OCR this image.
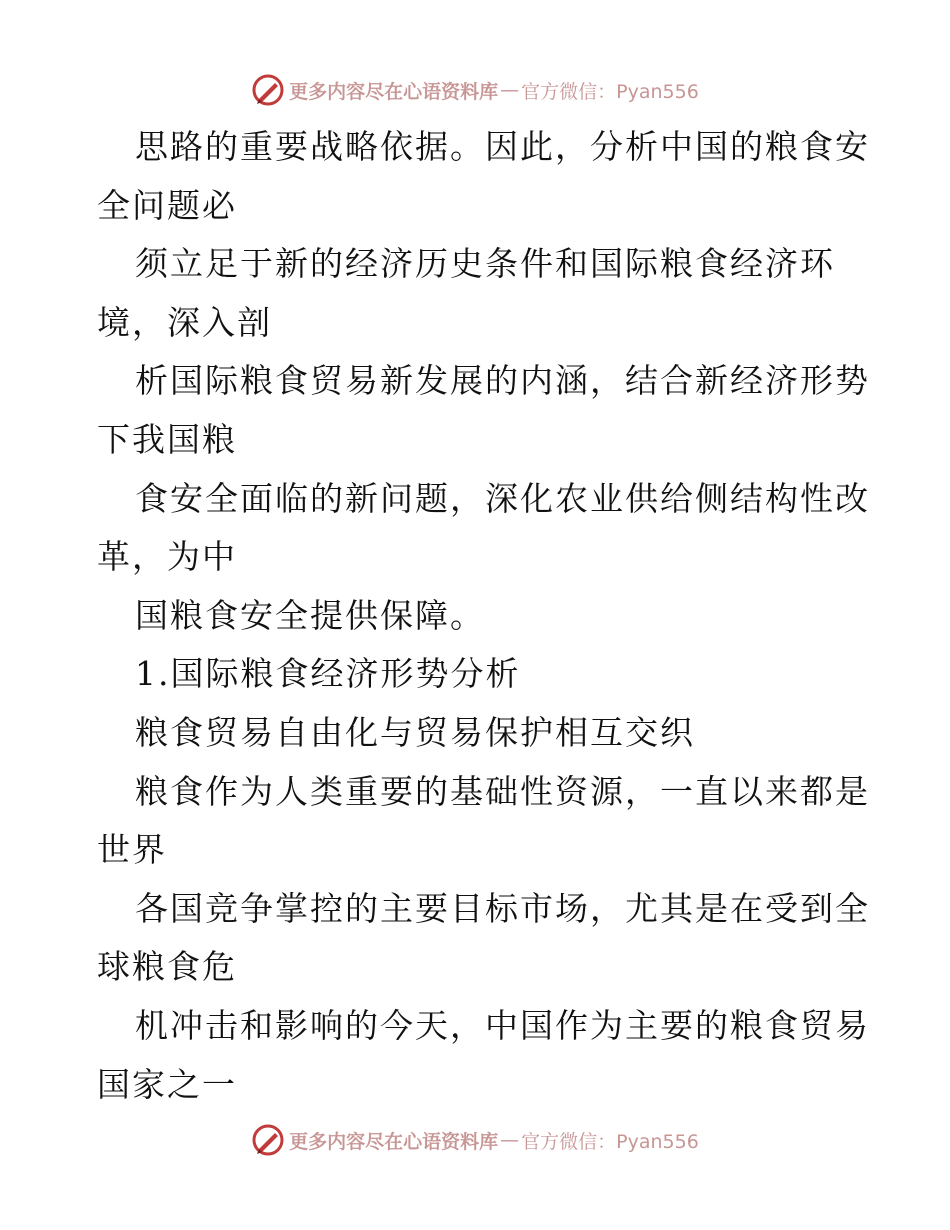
更多内容尽在心语资料库 — 官方微信：Pyan556
思路的重要战略依据。因此，分析中国的粮食安
全问题必
须立足于新的经济历史条件和国际粮食经济环
境，深入剖
析国际粮食贸易新发展的内涵，结合新经济形势
下我国粮
食安全面临的新问题，深化农业供给侧结构性改
革，为中
国粮食安全提供保障。
1.国际粮食经济形势分析
粮食贸易自由化与贸易保护相互交织
粮食作为人类重要的基础性资源，一直以来都是
世界
各国竞争掌控的主要目标市场，尤其是在受到全
球粮食危
机冲击和影响的今天，中国作为主要的粮食贸易
国家之一
更多内容尽在心语资料库 — 官方微信：Pyan556
